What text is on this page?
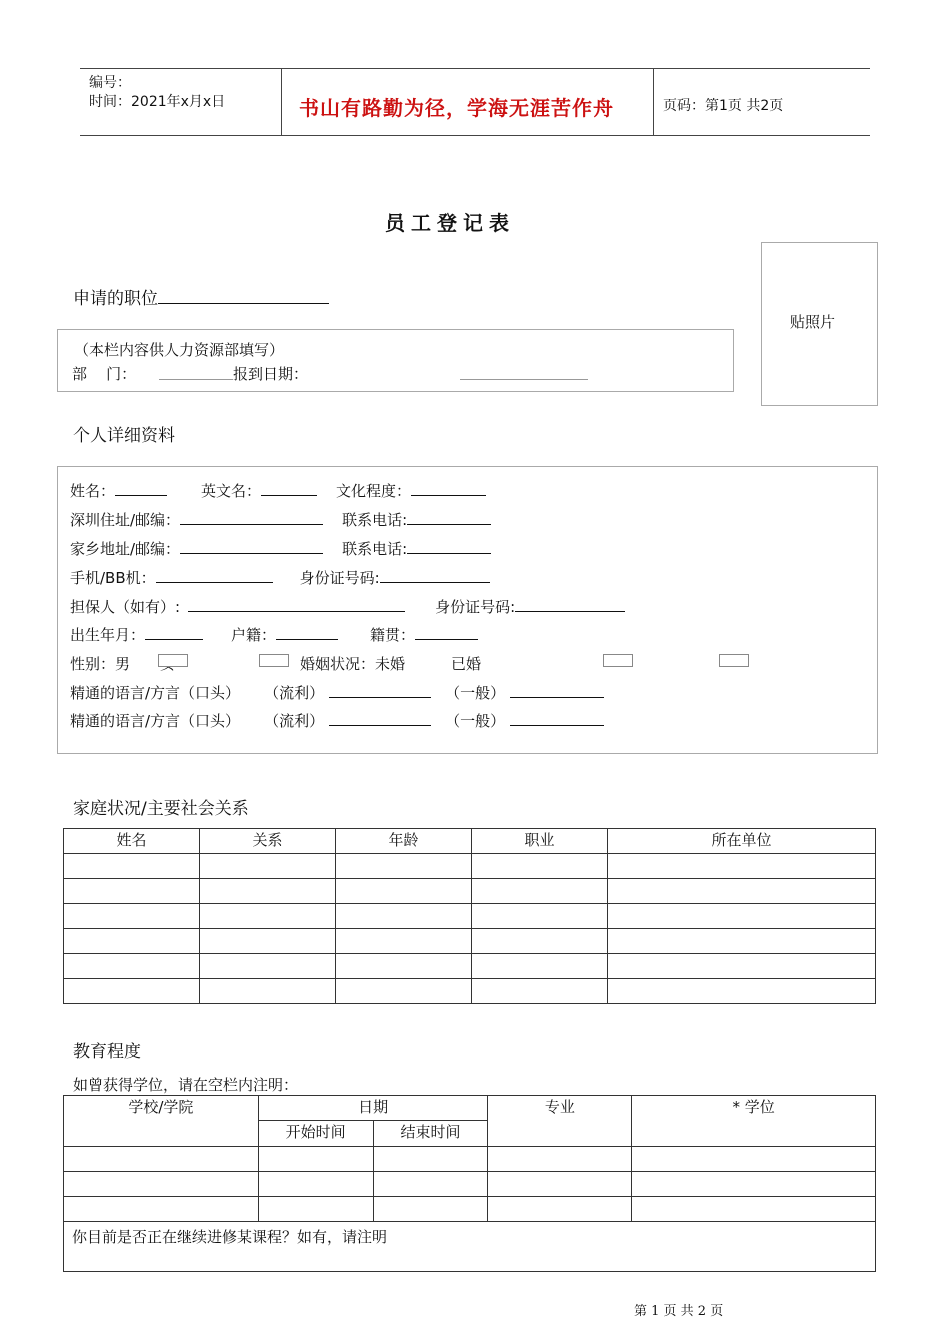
编号：
时间：2021年x月x日	书山有路勤为径，学海无涯苦作舟	页码：第1页 共2页
员工登记表
申请的职位
贴照片
（本栏内容供人力资源部填写）
部    门：	报到日期：
个人详细资料
姓名：	英文名：	文化程度：
深圳住址/邮编：	联系电话:
家乡地址/邮编：	联系电话:
手机/BB机：	身份证号码:
担保人（如有）:	身份证号码:
出生年月：	户籍：	籍贯：
性别：男	婚姻状况：未婚	已婚
精通的语言/方言（口头） （流利）	（一般）
精通的语言/方言（口头） （流利）	（一般）
家庭状况/主要社会关系
姓名	关系	年龄	职业	所在单位

教育程度
如曾获得学位，请在空栏内注明：
学校/学院	日期		专业	* 学位
	开始时间	结束时间		

你目前是否正在继续进修某课程？如有，请注明				
第 1 页 共 2 页
